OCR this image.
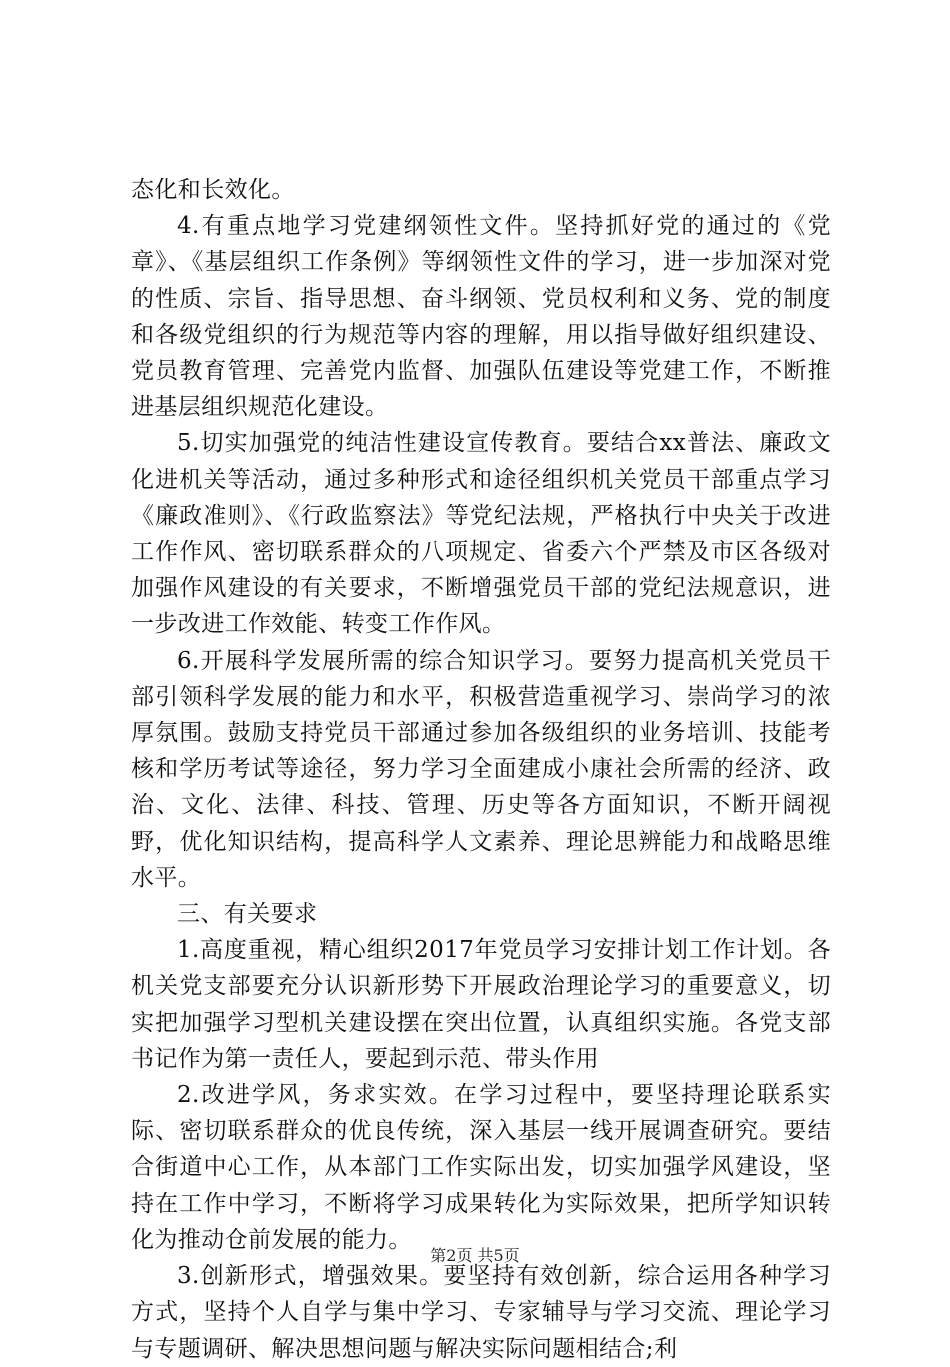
态化和长效化。

4.有重点地学习党建纲领性文件。坚持抓好党的通过的《党章》、《基层组织工作条例》等纲领性文件的学习，进一步加深对党的性质、宗旨、指导思想、奋斗纲领、党员权利和义务、党的制度和各级党组织的行为规范等内容的理解，用以指导做好组织建设、党员教育管理、完善党内监督、加强队伍建设等党建工作，不断推进基层组织规范化建设。

5.切实加强党的纯洁性建设宣传教育。要结合xx普法、廉政文化进机关等活动，通过多种形式和途径组织机关党员干部重点学习《廉政准则》、《行政监察法》等党纪法规，严格执行中央关于改进工作作风、密切联系群众的八项规定、省委六个严禁及市区各级对加强作风建设的有关要求，不断增强党员干部的党纪法规意识，进一步改进工作效能、转变工作作风。

6.开展科学发展所需的综合知识学习。要努力提高机关党员干部引领科学发展的能力和水平，积极营造重视学习、崇尚学习的浓厚氛围。鼓励支持党员干部通过参加各级组织的业务培训、技能考核和学历考试等途径，努力学习全面建成小康社会所需的经济、政治、文化、法律、科技、管理、历史等各方面知识，不断开阔视野，优化知识结构，提高科学人文素养、理论思辨能力和战略思维水平。

三、有关要求

1.高度重视，精心组织2017年党员学习安排计划工作计划。各机关党支部要充分认识新形势下开展政治理论学习的重要意义，切实把加强学习型机关建设摆在突出位置，认真组织实施。各党支部书记作为第一责任人，要起到示范、带头作用

2.改进学风，务求实效。在学习过程中，要坚持理论联系实际、密切联系群众的优良传统，深入基层一线开展调查研究。要结合街道中心工作，从本部门工作实际出发，切实加强学风建设，坚持在工作中学习，不断将学习成果转化为实际效果，把所学知识转化为推动仓前发展的能力。

3.创新形式，增强效果。要坚持有效创新，综合运用各种学习方式，坚持个人自学与集中学习、专家辅导与学习交流、理论学习与专题调研、解决思想问题与解决实际问题相结合;利

第2页 共5页
